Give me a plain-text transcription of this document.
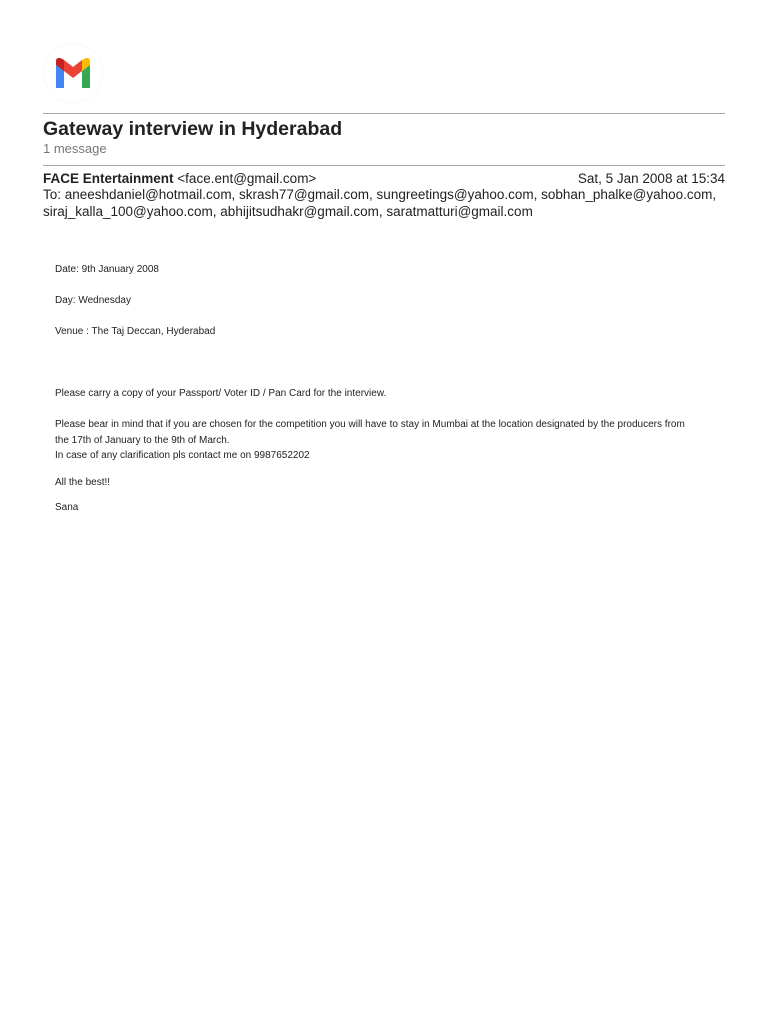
Gateway interview in Hyderabad
1 message
FACE Entertainment <face.ent@gmail.com>	Sat, 5 Jan 2008 at 15:34
To: aneeshdaniel@hotmail.com, skrash77@gmail.com, sungreetings@yahoo.com, sobhan_phalke@yahoo.com,
siraj_kalla_100@yahoo.com, abhijitsudhakr@gmail.com, saratmatturi@gmail.com
Date: 9th January 2008
Day: Wednesday
Venue : The Taj Deccan, Hyderabad
Please carry a copy of your Passport/ Voter ID / Pan Card for the interview.
Please bear in mind that if you are chosen for the competition you will have to stay in Mumbai at the location designated by the producers from
the 17th of January to the 9th of March.
In case of any clarification pls contact me on 9987652202
All the best!!
Sana
